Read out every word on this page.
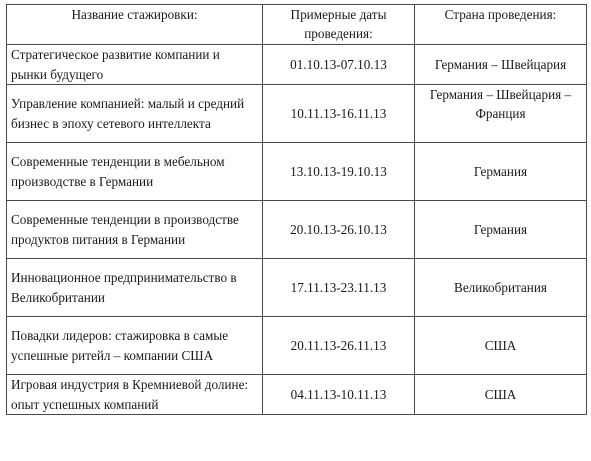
Название стажировки:	Примерные даты проведения:	Страна проведения:
Стратегическое развитие компании и рынки будущего	01.10.13-07.10.13	Германия – Швейцария
Управление компанией: малый и средний бизнес в эпоху сетевого интеллекта	10.11.13-16.11.13	Германия – Швейцария – Франция
Современные тенденции в мебельном производстве в Германии	13.10.13-19.10.13	Германия
Современные тенденции в производстве продуктов питания в Германии	20.10.13-26.10.13	Германия
Инновационное предпринимательство в Великобритании	17.11.13-23.11.13	Великобритания
Повадки лидеров: стажировка в самые успешные ритейл – компании США	20.11.13-26.11.13	США
Игровая индустрия в Кремниевой долине: опыт успешных компаний	04.11.13-10.11.13	США
